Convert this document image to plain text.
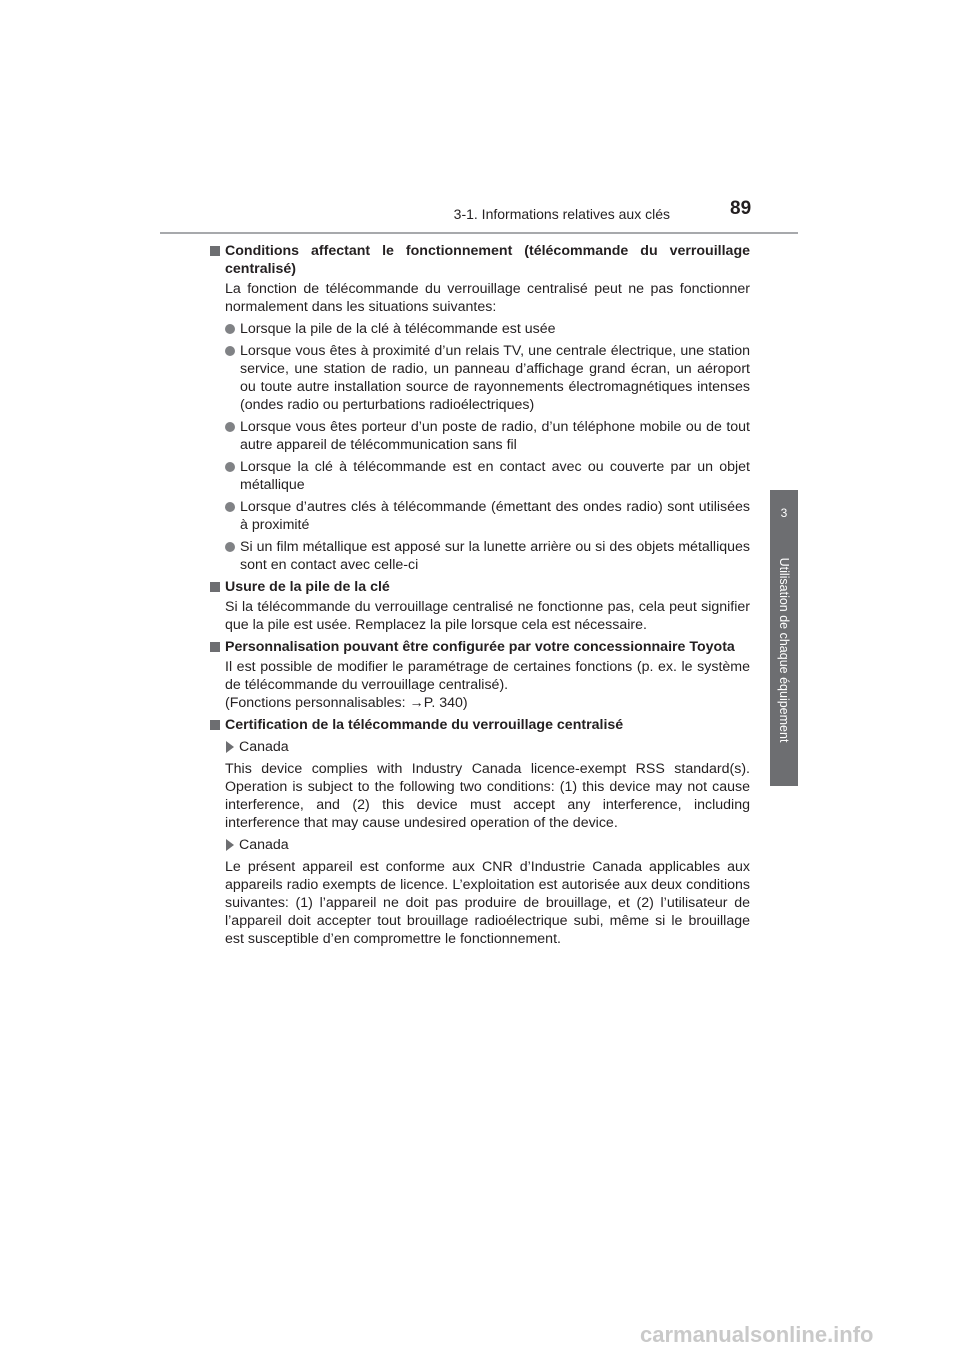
3-1. Informations relatives aux clés	89
3
Utilisation de chaque équipement
Conditions affectant le fonctionnement (télécommande du verrouillage centralisé)
La fonction de télécommande du verrouillage centralisé peut ne pas fonctionner normalement dans les situations suivantes:
Lorsque la pile de la clé à télécommande est usée
Lorsque vous êtes à proximité d’un relais TV, une centrale électrique, une station service, une station de radio, un panneau d’affichage grand écran, un aéroport ou toute autre installation source de rayonnements électromagnétiques intenses (ondes radio ou perturbations radioélectriques)
Lorsque vous êtes porteur d’un poste de radio, d’un téléphone mobile ou de tout autre appareil de télécommunication sans fil
Lorsque la clé à télécommande est en contact avec ou couverte par un objet métallique
Lorsque d’autres clés à télécommande (émettant des ondes radio) sont utilisées à proximité
Si un film métallique est apposé sur la lunette arrière ou si des objets métalliques sont en contact avec celle-ci
Usure de la pile de la clé
Si la télécommande du verrouillage centralisé ne fonctionne pas, cela peut signifier que la pile est usée. Remplacez la pile lorsque cela est nécessaire.
Personnalisation pouvant être configurée par votre concessionnaire Toyota
Il est possible de modifier le paramétrage de certaines fonctions (p. ex. le système de télécommande du verrouillage centralisé).
(Fonctions personnalisables: →P. 340)
Certification de la télécommande du verrouillage centralisé
Canada
This device complies with Industry Canada licence-exempt RSS standard(s). Operation is subject to the following two conditions: (1) this device may not cause interference, and (2) this device must accept any interference, including interference that may cause undesired operation of the device.
Canada
Le présent appareil est conforme aux CNR d’Industrie Canada applicables aux appareils radio exempts de licence. L’exploitation est autorisée aux deux conditions suivantes: (1) l’appareil ne doit pas produire de brouillage, et (2) l’utilisateur de l’appareil doit accepter tout brouillage radioélectrique subi, même si le brouillage est susceptible d’en compromettre le fonctionnement.
carmanualsonline.info
